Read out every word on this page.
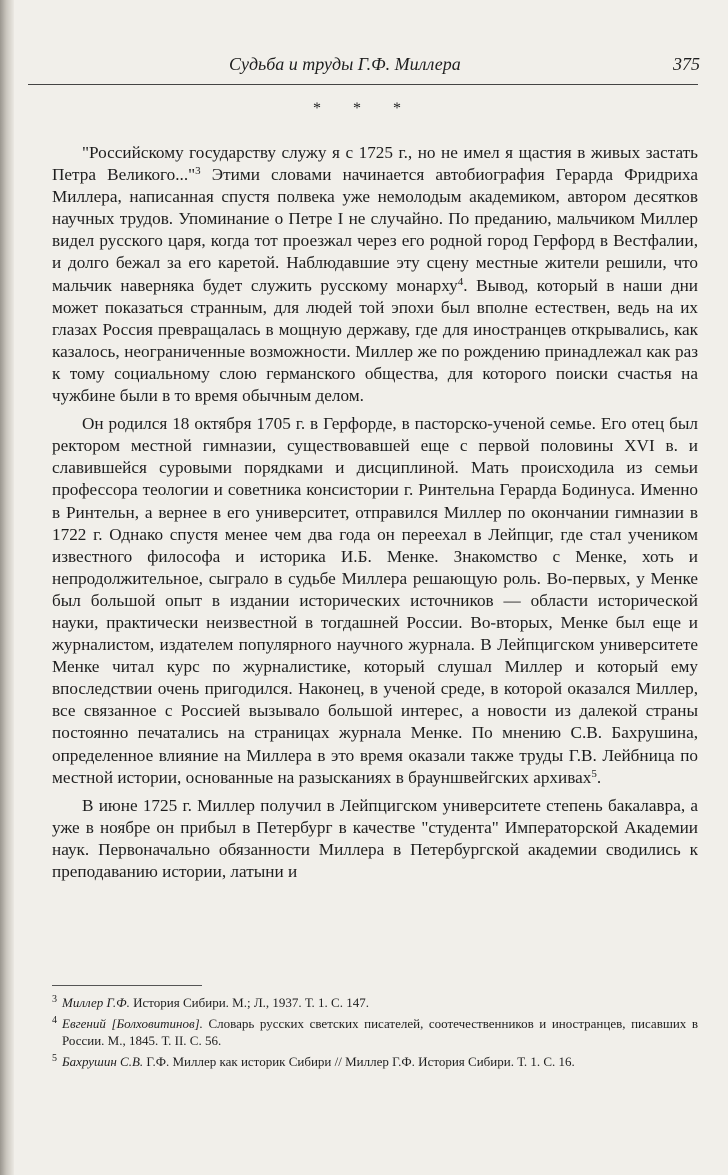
Судьба и труды Г.Ф. Миллера	375
* * *

"Российскому государству служу я с 1725 г., но не имел я щастия в живых застать Петра Великого..."$^3$ Этими словами начинается автобиография Герарда Фридриха Миллера, написанная спустя полвека уже немолодым академиком, автором десятков научных трудов. Упоминание о Петре I не случайно. По преданию, мальчиком Миллер видел русского царя, когда тот проезжал через его родной город Герфорд в Вестфалии, и долго бежал за его каретой. Наблюдавшие эту сцену местные жители решили, что мальчик наверняка будет служить русскому монарху$^4$. Вывод, который в наши дни может показаться странным, для людей той эпохи был вполне естествен, ведь на их глазах Россия превращалась в мощную державу, где для иностранцев открывались, как казалось, неограниченные возможности. Миллер же по рождению принадлежал как раз к тому социальному слою германского общества, для которого поиски счастья на чужбине были в то время обычным делом.

Он родился 18 октября 1705 г. в Герфорде, в пасторско-ученой семье. Его отец был ректором местной гимназии, существовавшей еще с первой половины XVI в. и славившейся суровыми порядками и дисциплиной. Мать происходила из семьи профессора теологии и советника консистории г. Ринтельна Герарда Бодинуса. Именно в Ринтельн, а вернее в его университет, отправился Миллер по окончании гимназии в 1722 г. Однако спустя менее чем два года он переехал в Лейпциг, где стал учеником известного философа и историка И.Б. Менке. Знакомство с Менке, хоть и непродолжительное, сыграло в судьбе Миллера решающую роль. Во-первых, у Менке был большой опыт в издании исторических источников — области исторической науки, практически неизвестной в тогдашней России. Во-вторых, Менке был еще и журналистом, издателем популярного научного журнала. В Лейпцигском университете Менке читал курс по журналистике, который слушал Миллер и который ему впоследствии очень пригодился. Наконец, в ученой среде, в которой оказался Миллер, все связанное с Россией вызывало большой интерес, а новости из далекой страны постоянно печатались на страницах журнала Менке. По мнению С.В. Бахрушина, определенное влияние на Миллера в это время оказали также труды Г.В. Лейбница по местной истории, основанные на разысканиях в брауншвейгских архивах$^5$.

В июне 1725 г. Миллер получил в Лейпцигском университете степень бакалавра, а уже в ноябре он прибыл в Петербург в качестве "студента" Императорской Академии наук. Первоначально обязанности Миллера в Петербургской академии сводились к преподаванию истории, латыни и

3 Миллер Г.Ф. История Сибири. М.; Л., 1937. Т. 1. С. 147.
4 Евгений [Болховитинов]. Словарь русских светских писателей, соотечественников и иностранцев, писавших в России. М., 1845. Т. II. С. 56.
5 Бахрушин С.В. Г.Ф. Миллер как историк Сибири // Миллер Г.Ф. История Сибири. Т. 1. С. 16.
